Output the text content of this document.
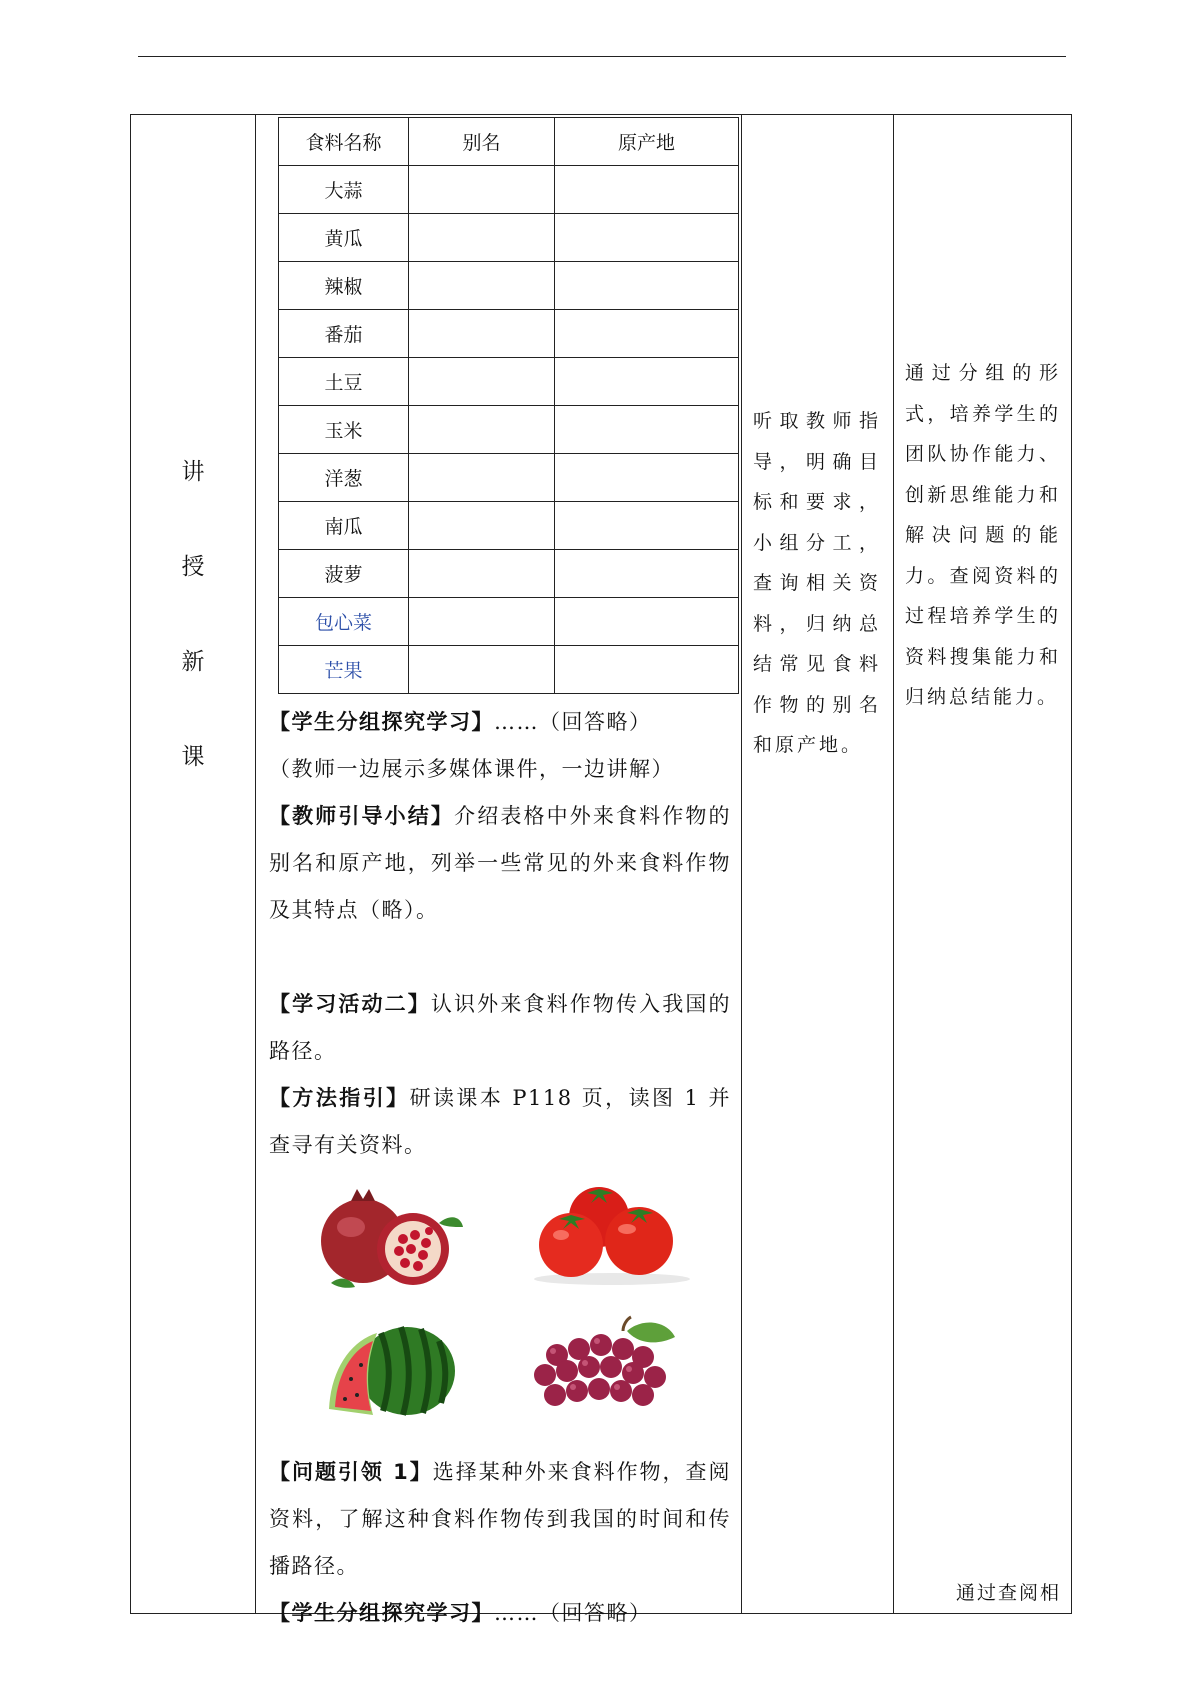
讲
授
新
课
食料名称	别名	原产地
大蒜		
黄瓜		
辣椒		
番茄		
土豆		
玉米		
洋葱		
南瓜		
菠萝		
包心菜		
芒果		

【学生分组探究学习】……（回答略）

（教师一边展示多媒体课件，一边讲解）

【教师引导小结】介绍表格中外来食料作物的别名和原产地，列举一些常见的外来食料作物及其特点（略）。

【学习活动二】认识外来食料作物传入我国的路径。

【方法指引】研读课本 P118 页，读图 1 并查寻有关资料。

【问题引领 1】选择某种外来食料作物，查阅资料，了解这种食料作物传到我国的时间和传播路径。

【学生分组探究学习】……（回答略）

听取教师指导，明确目标和要求，小组分工，查询相关资料，归纳总结常见食料作物的别名和原产地。
通过分组的形式，培养学生的团队协作能力、创新思维能力和解决问题的能力。查阅资料的过程培养学生的资料搜集能力和归纳总结能力。
通过查阅相
